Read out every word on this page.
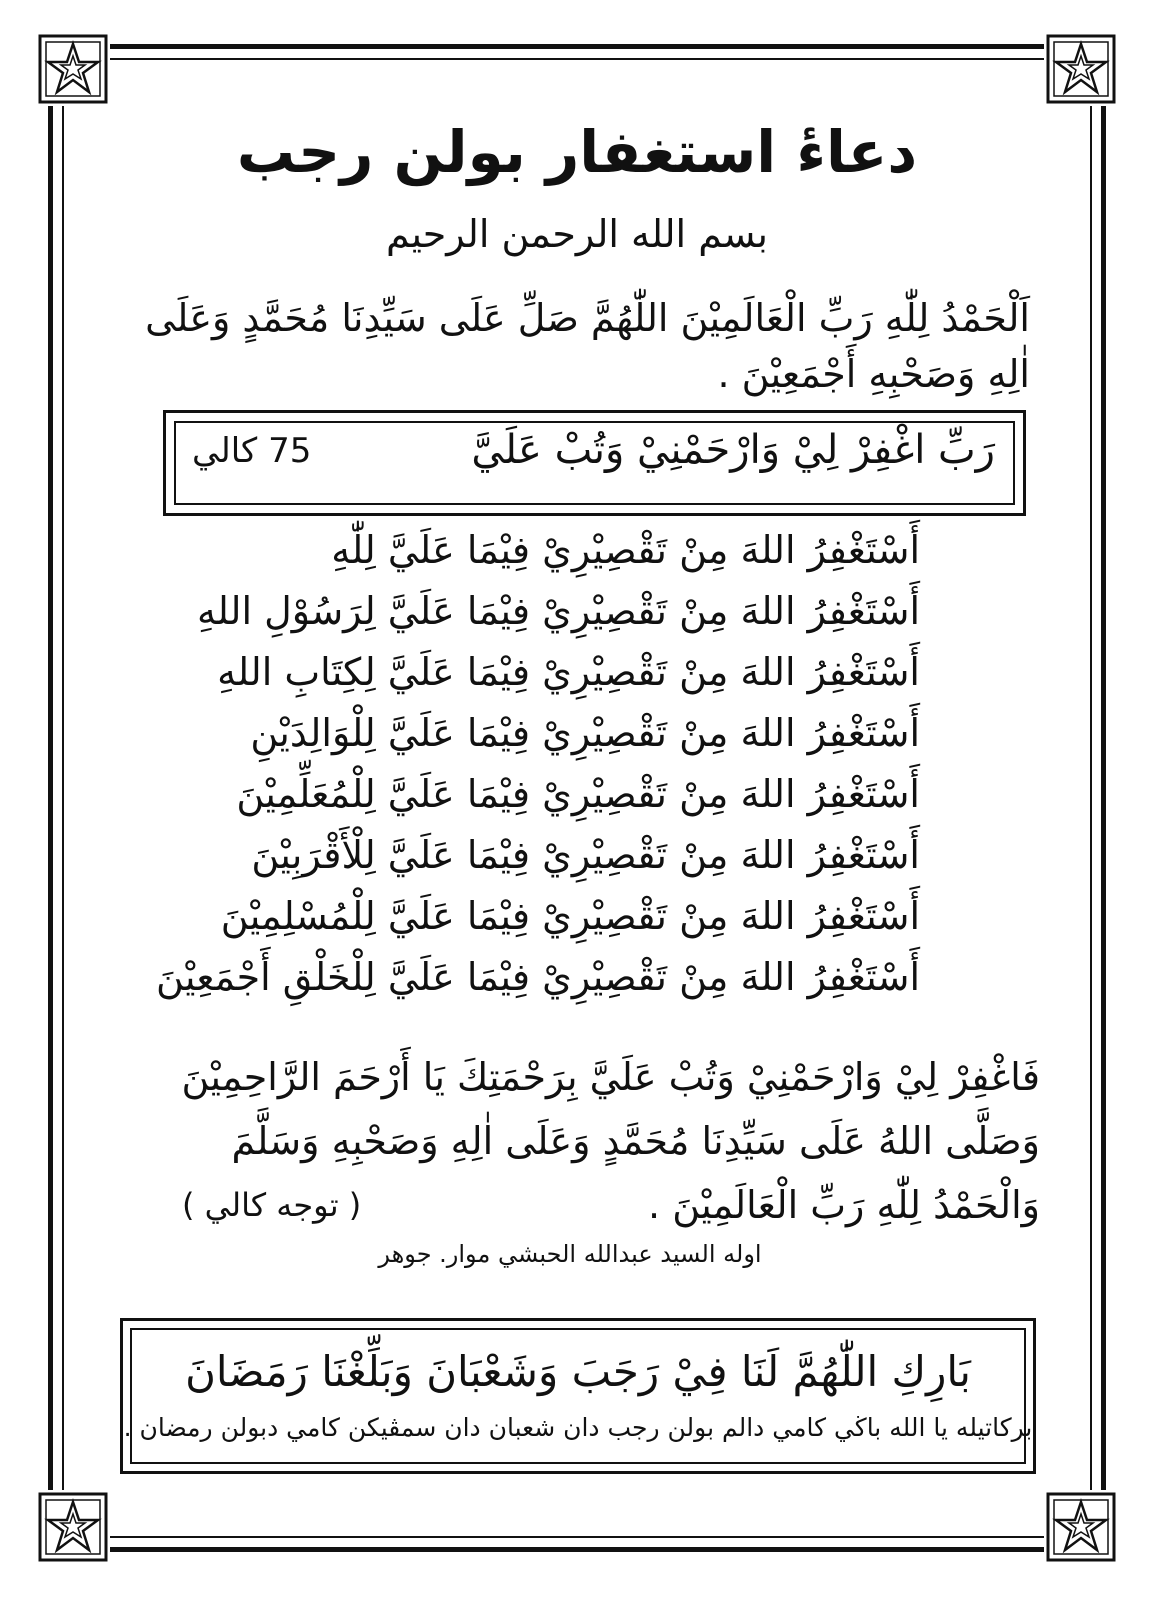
دعاءٔ استغفار بولن رجب
بسم الله الرحمن الرحيم
اَلْحَمْدُ لِلّٰهِ رَبِّ الْعَالَمِيْنَ اللّٰهُمَّ صَلِّ عَلَى سَيِّدِنَا مُحَمَّدٍ وَعَلَى
اٰلِهِ وَصَحْبِهِ أَجْمَعِيْنَ .
رَبِّ اغْفِرْ لِيْ وَارْحَمْنِيْ وَتُبْ عَلَيَّ
75 كالي
أَسْتَغْفِرُ اللهَ مِنْ تَقْصِيْرِيْ فِيْمَا عَلَيَّ لِلّٰهِ
أَسْتَغْفِرُ اللهَ مِنْ تَقْصِيْرِيْ فِيْمَا عَلَيَّ لِرَسُوْلِ اللهِ
أَسْتَغْفِرُ اللهَ مِنْ تَقْصِيْرِيْ فِيْمَا عَلَيَّ لِكِتَابِ اللهِ
أَسْتَغْفِرُ اللهَ مِنْ تَقْصِيْرِيْ فِيْمَا عَلَيَّ لِلْوَالِدَيْنِ
أَسْتَغْفِرُ اللهَ مِنْ تَقْصِيْرِيْ فِيْمَا عَلَيَّ لِلْمُعَلِّمِيْنَ
أَسْتَغْفِرُ اللهَ مِنْ تَقْصِيْرِيْ فِيْمَا عَلَيَّ لِلْأَقْرَبِيْنَ
أَسْتَغْفِرُ اللهَ مِنْ تَقْصِيْرِيْ فِيْمَا عَلَيَّ لِلْمُسْلِمِيْنَ
أَسْتَغْفِرُ اللهَ مِنْ تَقْصِيْرِيْ فِيْمَا عَلَيَّ لِلْخَلْقِ أَجْمَعِيْنَ
فَاغْفِرْ لِيْ وَارْحَمْنِيْ وَتُبْ عَلَيَّ بِرَحْمَتِكَ يَا أَرْحَمَ الرَّاحِمِيْنَ
وَصَلَّى اللهُ عَلَى سَيِّدِنَا مُحَمَّدٍ وَعَلَى اٰلِهِ وَصَحْبِهِ وَسَلَّمَ
وَالْحَمْدُ لِلّٰهِ رَبِّ الْعَالَمِيْنَ .
( توجه كالي )
اوله السيد عبدالله الحبشي موار. جوهر
بَارِكِ اللّٰهُمَّ لَنَا فِيْ رَجَبَ وَشَعْبَانَ وَبَلِّغْنَا رَمَضَانَ
بركاتيله يا الله باڬي كامي دالم بولن رجب دان شعبان دان سمڤيكن كامي دبولن رمضان .
